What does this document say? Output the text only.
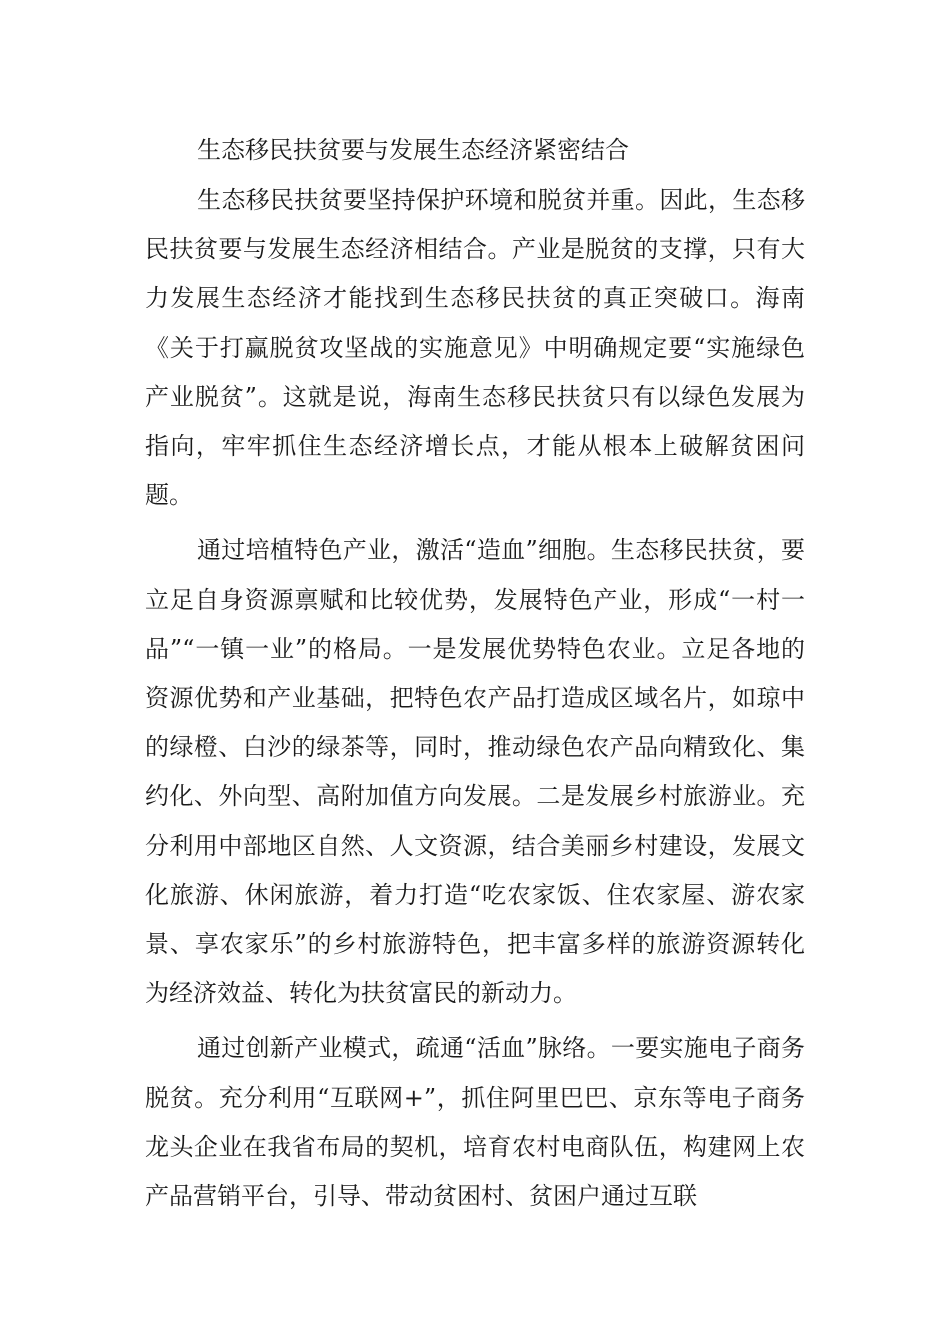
生态移民扶贫要与发展生态经济紧密结合

生态移民扶贫要坚持保护环境和脱贫并重。因此，生态移民扶贫要与发展生态经济相结合。产业是脱贫的支撑，只有大力发展生态经济才能找到生态移民扶贫的真正突破口。海南《关于打赢脱贫攻坚战的实施意见》中明确规定要“实施绿色产业脱贫”。这就是说，海南生态移民扶贫只有以绿色发展为指向，牢牢抓住生态经济增长点，才能从根本上破解贫困问题。

通过培植特色产业，激活“造血”细胞。生态移民扶贫，要立足自身资源禀赋和比较优势，发展特色产业，形成“一村一品”“一镇一业”的格局。一是发展优势特色农业。立足各地的资源优势和产业基础，把特色农产品打造成区域名片，如琼中的绿橙、白沙的绿茶等，同时，推动绿色农产品向精致化、集约化、外向型、高附加值方向发展。二是发展乡村旅游业。充分利用中部地区自然、人文资源，结合美丽乡村建设，发展文化旅游、休闲旅游，着力打造“吃农家饭、住农家屋、游农家景、享农家乐”的乡村旅游特色，把丰富多样的旅游资源转化为经济效益、转化为扶贫富民的新动力。

通过创新产业模式，疏通“活血”脉络。一要实施电子商务脱贫。充分利用“互联网+”，抓住阿里巴巴、京东等电子商务龙头企业在我省布局的契机，培育农村电商队伍，构建网上农产品营销平台，引导、带动贫困村、贫困户通过互联
